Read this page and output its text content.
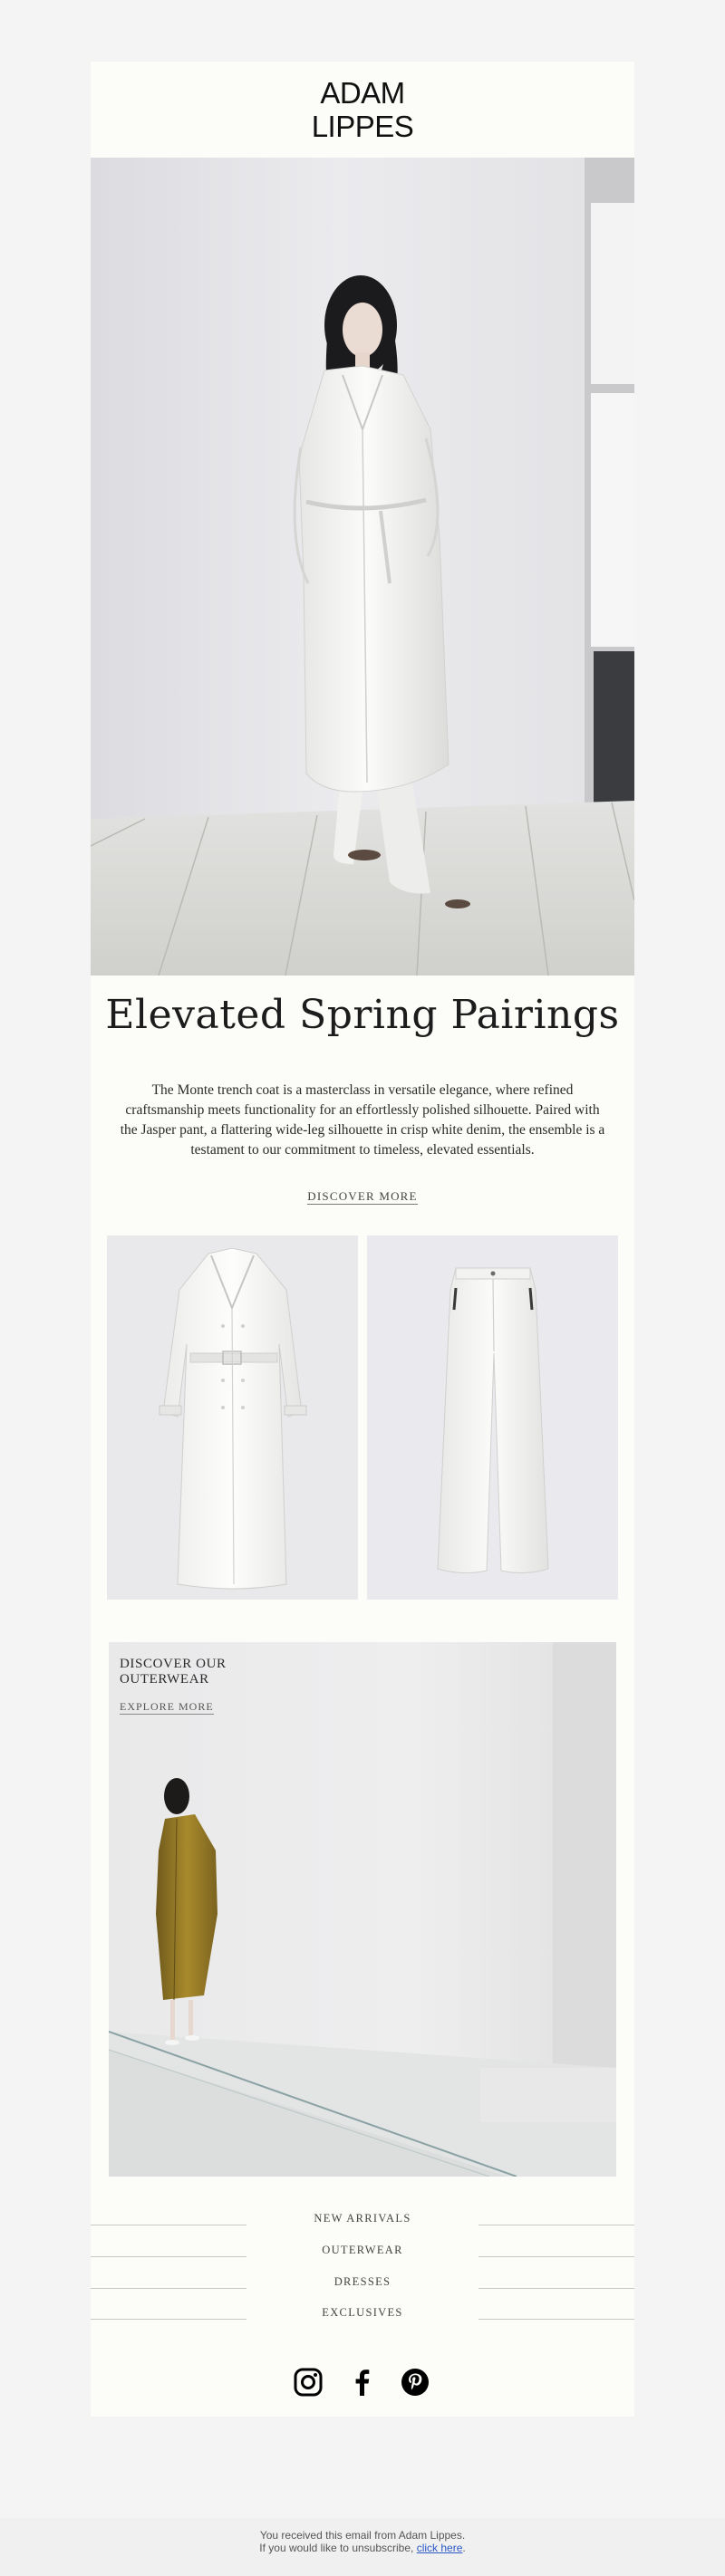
ADAM
LIPPES
Elevated Spring Pairings

The Monte trench coat is a masterclass in versatile elegance, where refined craftsmanship meets functionality for an effortlessly polished silhouette. Paired with the Jasper pant, a flattering wide-leg silhouette in crisp white denim, the ensemble is a testament to our commitment to timeless, elevated essentials.

DISCOVER MORE
DISCOVER OUR
OUTERWEAR
EXPLORE MORE
NEW ARRIVALS
OUTERWEAR
DRESSES
EXCLUSIVES
You received this email from Adam Lippes.
If you would like to unsubscribe, click here.
